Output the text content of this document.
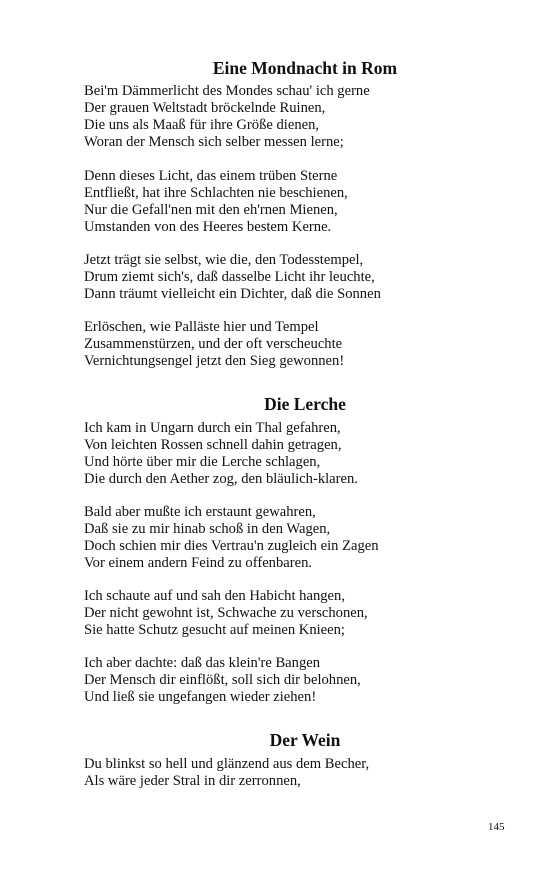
Eine Mondnacht in Rom
Bei'm Dämmerlicht des Mondes schau' ich gerne
Der grauen Weltstadt bröckelnde Ruinen,
Die uns als Maaß für ihre Größe dienen,
Woran der Mensch sich selber messen lerne;
Denn dieses Licht, das einem trüben Sterne
Entfließt, hat ihre Schlachten nie beschienen,
Nur die Gefall'nen mit den eh'rnen Mienen,
Umstanden von des Heeres bestem Kerne.
Jetzt trägt sie selbst, wie die, den Todesstempel,
Drum ziemt sich's, daß dasselbe Licht ihr leuchte,
Dann träumt vielleicht ein Dichter, daß die Sonnen
Erlöschen, wie Palläste hier und Tempel
Zusammenstürzen, und der oft verscheuchte
Vernichtungsengel jetzt den Sieg gewonnen!
Die Lerche
Ich kam in Ungarn durch ein Thal gefahren,
Von leichten Rossen schnell dahin getragen,
Und hörte über mir die Lerche schlagen,
Die durch den Aether zog, den bläulich-klaren.
Bald aber mußte ich erstaunt gewahren,
Daß sie zu mir hinab schoß in den Wagen,
Doch schien mir dies Vertrau'n zugleich ein Zagen
Vor einem andern Feind zu offenbaren.
Ich schaute auf und sah den Habicht hangen,
Der nicht gewohnt ist, Schwache zu verschonen,
Sie hatte Schutz gesucht auf meinen Knieen;
Ich aber dachte: daß das klein're Bangen
Der Mensch dir einflößt, soll sich dir belohnen,
Und ließ sie ungefangen wieder ziehen!
Der Wein
Du blinkst so hell und glänzend aus dem Becher,
Als wäre jeder Stral in dir zerronnen,
145
